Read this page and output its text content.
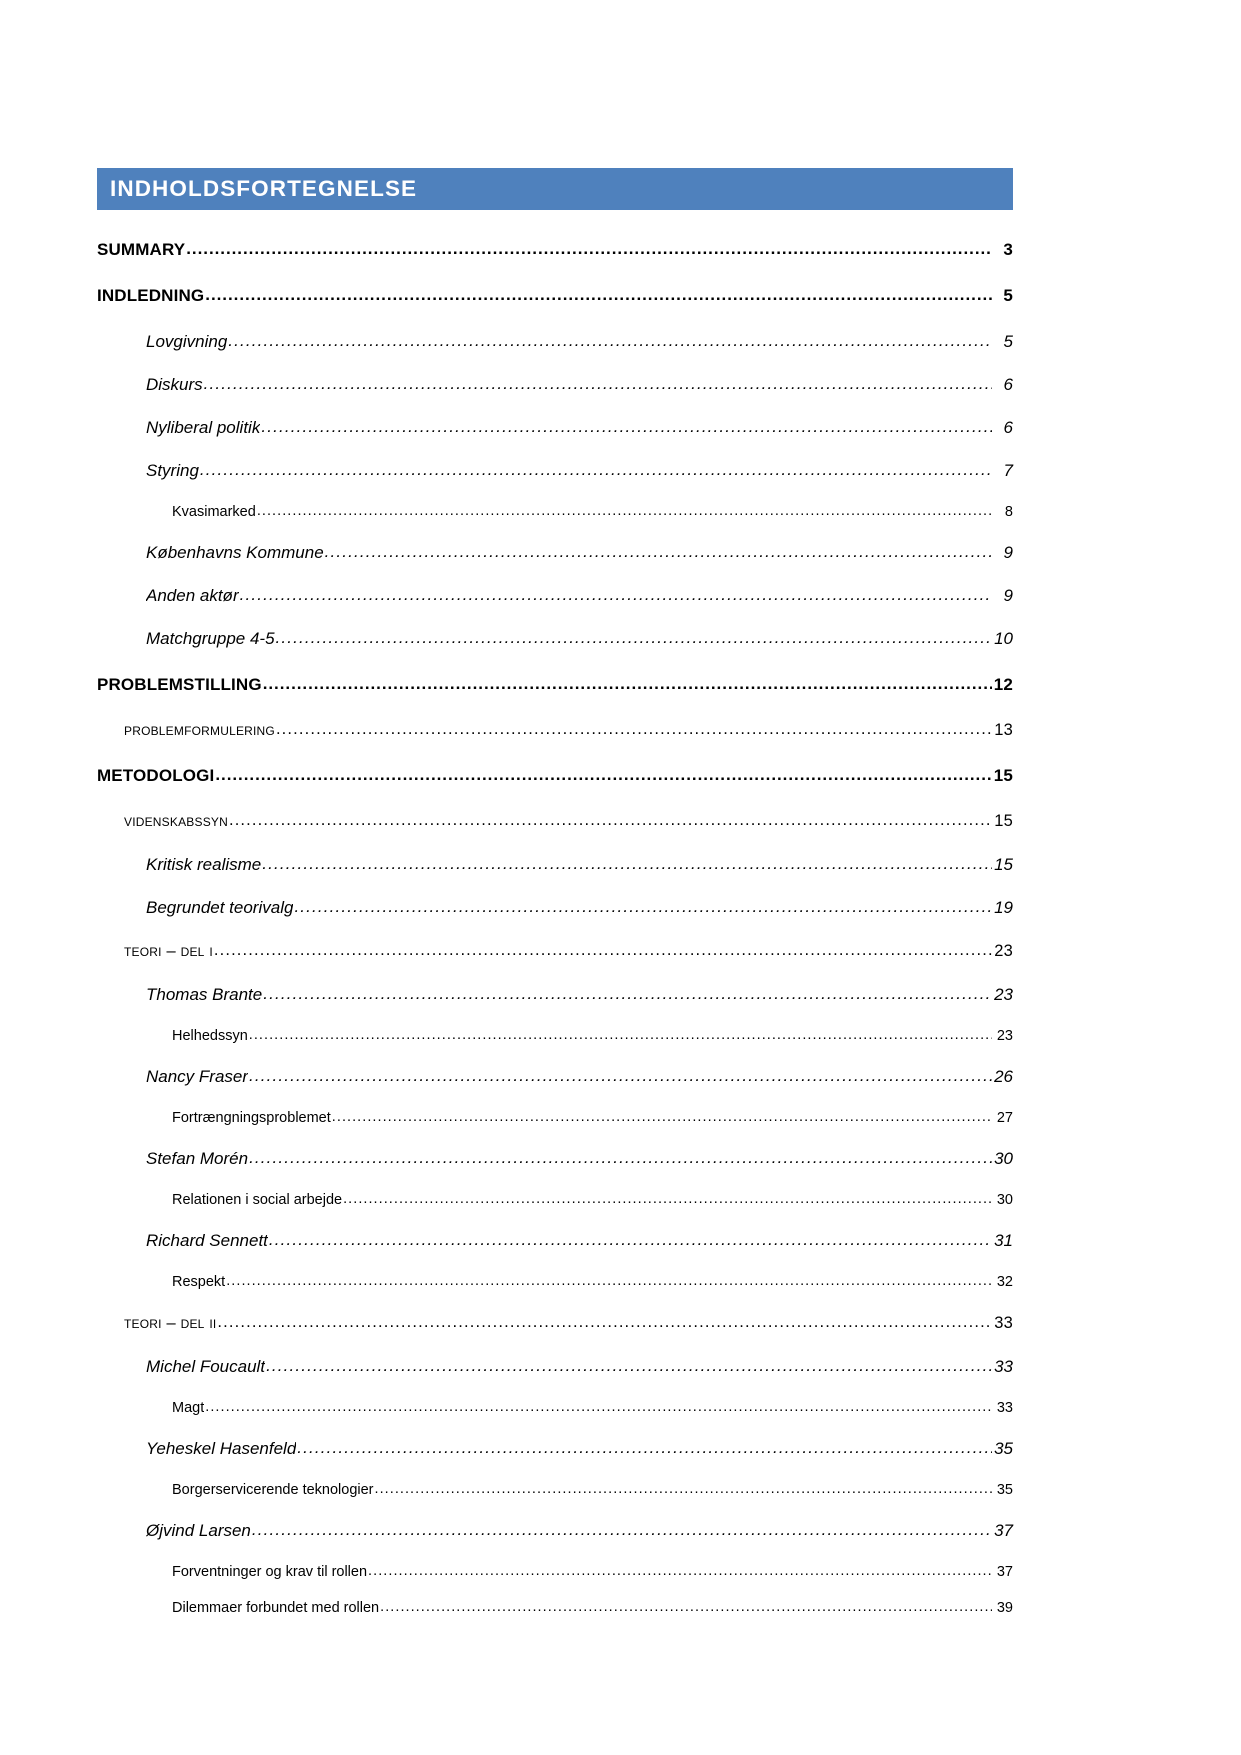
INDHOLDSFORTEGNELSE
SUMMARY .....	3
INDLEDNING .....	5
Lovgivning .....	5
Diskurs .....	6
Nyliberal politik .....	6
Styring .....	7
Kvasimarked .....	8
Københavns Kommune .....	9
Anden aktør .....	9
Matchgruppe 4-5 .....	10
PROBLEMSTILLING .....	12
problemformulering .....	13
METODOLOGI .....	15
videnskabssyn .....	15
Kritisk realisme .....	15
Begrundet teorivalg .....	19
teori – del i .....	23
Thomas Brante .....	23
Helhedssyn .....	23
Nancy Fraser .....	26
Fortrængningsproblemet .....	27
Stefan Morén .....	30
Relationen i social arbejde .....	30
Richard Sennett .....	31
Respekt .....	32
teori – del ii .....	33
Michel Foucault .....	33
Magt .....	33
Yeheskel Hasenfeld .....	35
Borgerservicerende teknologier .....	35
Øjvind Larsen .....	37
Forventninger og krav til rollen .....	37
Dilemmaer forbundet med rollen .....	39
